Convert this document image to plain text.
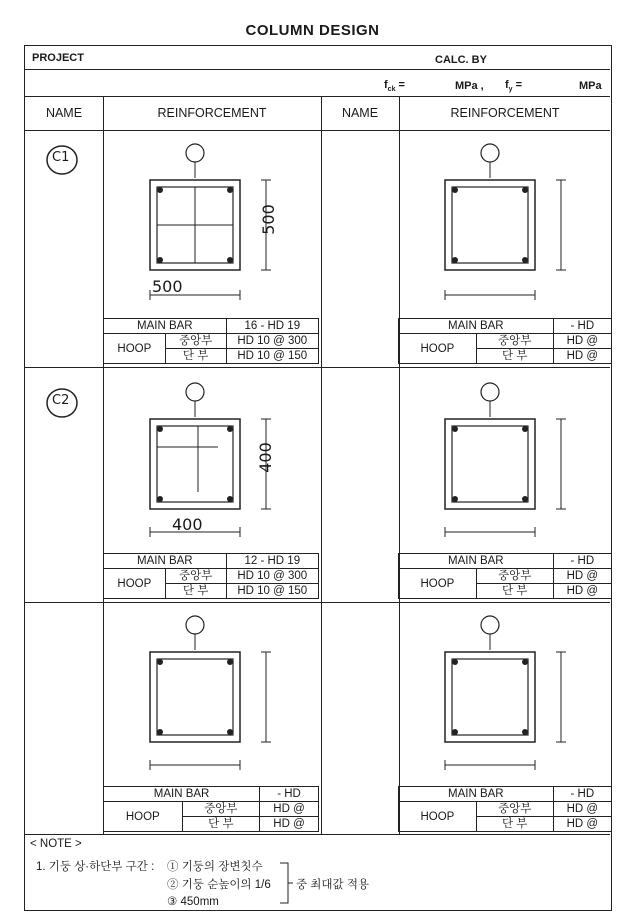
COLUMN DESIGN
PROJECT	CALC. BY
$f_{ck}$ =	MPa , $f_y$ =	MPa
NAME	REINFORCEMENT	NAME	REINFORCEMENT
C1
C2
500
500
400
400
MAIN BAR		16 - HD 19
HOOP	중앙부	HD 10 @ 300
	단 부	HD 10 @ 150
MAIN BAR		- HD
HOOP	중앙부	HD @
	단 부	HD @
MAIN BAR		12 - HD 19
HOOP	중앙부	HD 10 @ 300
	단 부	HD 10 @ 150
MAIN BAR		- HD
HOOP	중앙부	HD @
	단 부	HD @
MAIN BAR		- HD
HOOP	중앙부	HD @
	단 부	HD @
MAIN BAR		- HD
HOOP	중앙부	HD @
	단 부	HD @
< NOTE >
1. 기둥 상·하단부 구간 : ① 기둥의 장변칫수
② 기둥 순높이의 1/6
③ 450mm
중 최대값 적용
